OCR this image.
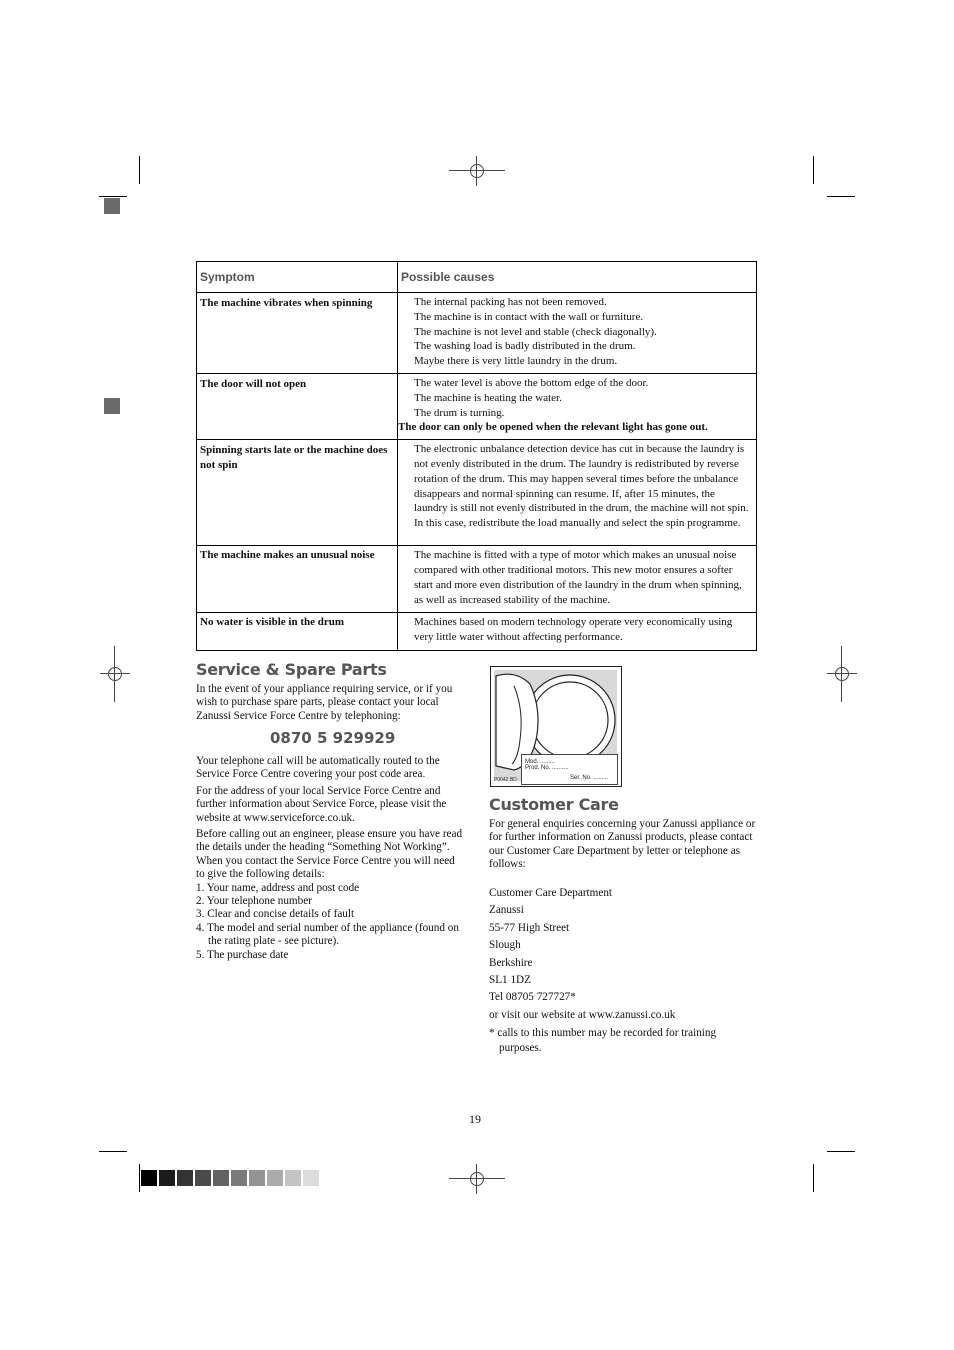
Symptom	Possible causes
The machine vibrates when spinning	The internal packing has not been removed.
The machine is in contact with the wall or furniture.
The machine is not level and stable (check diagonally).
The washing load is badly distributed in the drum.
Maybe there is very little laundry in the drum.

The door will not open	The water level is above the bottom edge of the door.
The machine is heating the water.
The drum is turning.
The door can only be opened when the relevant light has gone out.

Spinning starts late or the machine does not spin	The electronic unbalance detection device has cut in because the laundry is not evenly distributed in the drum. The laundry is redistributed by reverse rotation of the drum. This may happen several times before the unbalance disappears and normal spinning can resume. If, after 15 minutes, the laundry is still not evenly distributed in the drum, the machine will not spin. In this case, redistribute the load manually and select the spin programme.
The machine makes an unusual noise	The machine is fitted with a type of motor which makes an unusual noise compared with other traditional motors. This new motor ensures a softer start and more even distribution of the laundry in the drum when spinning, as well as increased stability of the machine.
No water is visible in the drum	Machines based on modern technology operate very economically using very little water without affecting performance.
Service & Spare Parts
In the event of your appliance requiring service, or if you wish to purchase spare parts, please contact your local Zanussi Service Force Centre by telephoning:
0870 5 929929

Your telephone call will be automatically routed to the Service Force Centre covering your post code area.

For the address of your local Service Force Centre and further information about Service Force, please visit the website at www.serviceforce.co.uk.

Before calling out an engineer, please ensure you have read the details under the heading “Something Not Working”.

When you contact the Service Force Centre you will need to give the following details:

1. Your name, address and post code
2. Your telephone number
3. Clear and concise details of fault
4. The model and serial number of the appliance (found on the rating plate - see picture).
5. The purchase date
P0042 BD
Mod. .........
Prod. No. ..........
Ser. No. .........
Customer Care
For general enquiries concerning your Zanussi appliance or for further information on Zanussi products, please contact our Customer Care Department by letter or telephone as follows:
Customer Care Department
Zanussi
55-77 High Street
Slough
Berkshire
SL1 1DZ
Tel 08705 727727*
or visit our website at www.zanussi.co.uk
* calls to this number may be recorded for training purposes.
19
